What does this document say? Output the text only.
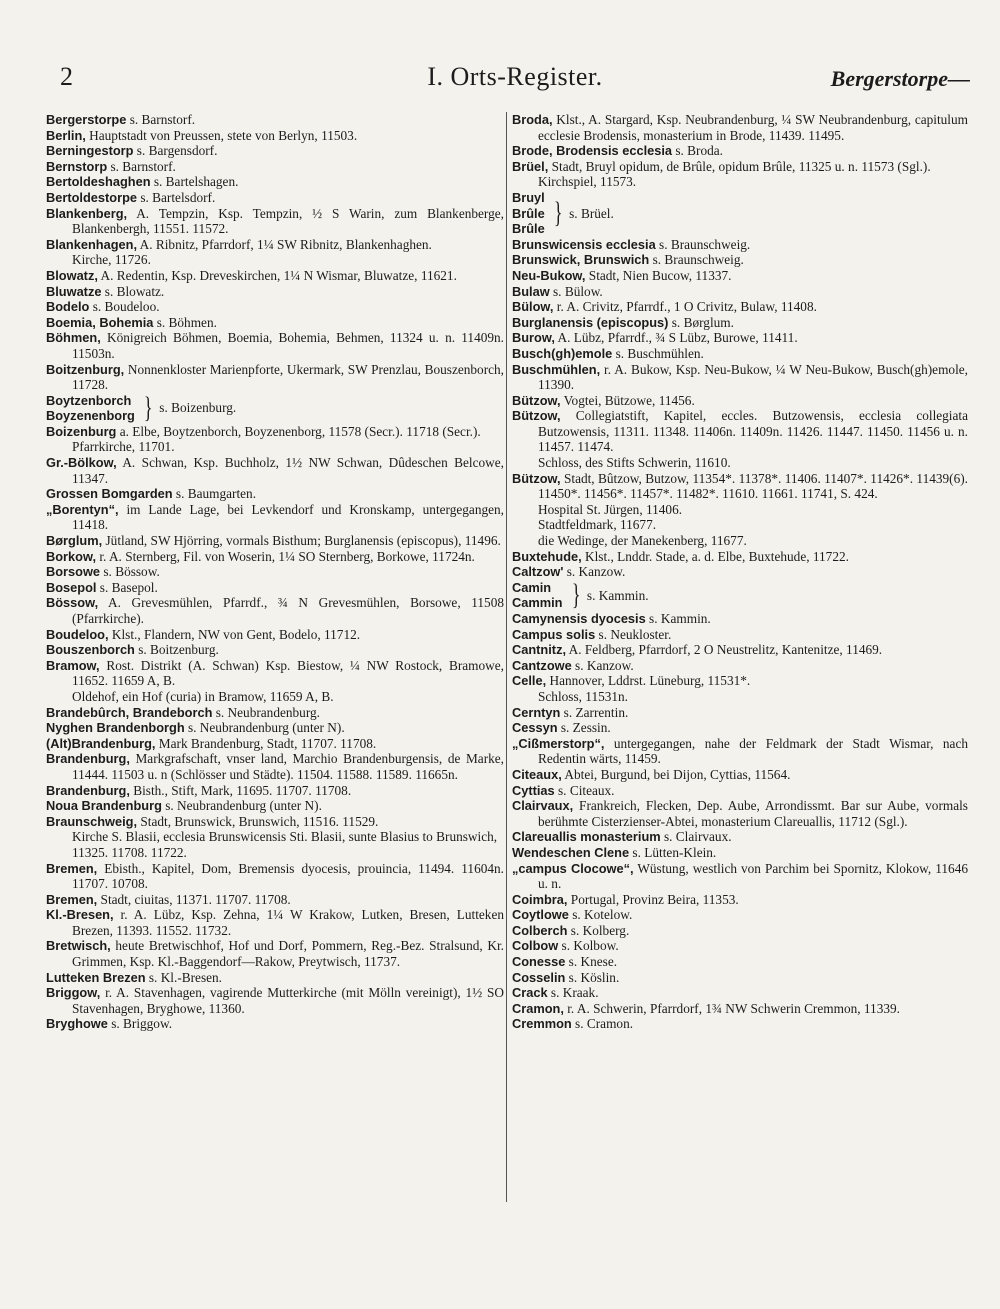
2	I. Orts-Register.	Bergerstorpe—

Bergerstorpe s. Barnstorf.

Berlin, Hauptstadt von Preussen, stete von Berlyn, 11503.

Berningestorp s. Bargensdorf.

Bernstorp s. Barnstorf.

Bertoldeshaghen s. Bartelshagen.

Bertoldestorpe s. Bartelsdorf.

Blankenberg, A. Tempzin, Ksp. Tempzin, ½ S Warin, zum Blankenberge, Blankenbergh, 11551. 11572.

Blankenhagen, A. Ribnitz, Pfarrdorf, 1¼ SW Ribnitz, Blankenhaghen.

Kirche, 11726.

Blowatz, A. Redentin, Ksp. Dreveskirchen, 1¼ N Wismar, Bluwatze, 11621.

Bluwatze s. Blowatz.

Bodelo s. Boudeloo.

Boemia, Bohemia s. Böhmen.

Böhmen, Königreich Böhmen, Boemia, Bohemia, Behmen, 11324 u. n. 11409n. 11503n.

Boitzenburg, Nonnenkloster Marienpforte, Ukermark, SW Prenzlau, Bouszenborch, 11728.

Boytzenborch
Boyzenenborg } s. Boizenburg.

Boizenburg a. Elbe, Boytzenborch, Boyzenenborg, 11578 (Secr.). 11718 (Secr.).

Pfarrkirche, 11701.

Gr.-Bölkow, A. Schwan, Ksp. Buchholz, 1½ NW Schwan, Dûdeschen Belcowe, 11347.

Grossen Bomgarden s. Baumgarten.

„Borentyn“, im Lande Lage, bei Levkendorf und Kronskamp, untergegangen, 11418.

Børglum, Jütland, SW Hjörring, vormals Bisthum; Burglanensis (episcopus), 11496.

Borkow, r. A. Sternberg, Fil. von Woserin, 1¼ SO Sternberg, Borkowe, 11724n.

Borsowe s. Bössow.

Bosepol s. Basepol.

Bössow, A. Grevesmühlen, Pfarrdf., ¾ N Grevesmühlen, Borsowe, 11508 (Pfarrkirche).

Boudeloo, Klst., Flandern, NW von Gent, Bodelo, 11712.

Bouszenborch s. Boitzenburg.

Bramow, Rost. Distrikt (A. Schwan) Ksp. Biestow, ¼ NW Rostock, Bramowe, 11652. 11659 A, B.

Oldehof, ein Hof (curia) in Bramow, 11659 A, B.

Brandebûrch, Brandeborch s. Neubrandenburg.

Nyghen Brandenborgh s. Neubrandenburg (unter N).

(Alt)Brandenburg, Mark Brandenburg, Stadt, 11707. 11708.

Brandenburg, Markgrafschaft, vnser land, Marchio Brandenburgensis, de Marke, 11444. 11503 u. n (Schlösser und Städte). 11504. 11588. 11589. 11665n.

Brandenburg, Bisth., Stift, Mark, 11695. 11707. 11708.

Noua Brandenburg s. Neubrandenburg (unter N).

Braunschweig, Stadt, Brunswick, Brunswich, 11516. 11529.

Kirche S. Blasii, ecclesia Brunswicensis Sti. Blasii, sunte Blasius to Brunswich, 11325. 11708. 11722.

Bremen, Ebisth., Kapitel, Dom, Bremensis dyocesis, prouincia, 11494. 11604n. 11707. 10708.

Bremen, Stadt, ciuitas, 11371. 11707. 11708.

Kl.-Bresen, r. A. Lübz, Ksp. Zehna, 1¼ W Krakow, Lutken, Bresen, Lutteken Brezen, 11393. 11552. 11732.

Bretwisch, heute Bretwischhof, Hof und Dorf, Pommern, Reg.-Bez. Stralsund, Kr. Grimmen, Ksp. Kl.-Baggendorf—Rakow, Preytwisch, 11737.

Lutteken Brezen s. Kl.-Bresen.

Briggow, r. A. Stavenhagen, vagirende Mutterkirche (mit Mölln vereinigt), 1½ SO Stavenhagen, Bryghowe, 11360.

Bryghowe s. Briggow.

Broda, Klst., A. Stargard, Ksp. Neubrandenburg, ¼ SW Neubrandenburg, capitulum ecclesie Brodensis, monasterium in Brode, 11439. 11495.

Brode, Brodensis ecclesia s. Broda.

Brüel, Stadt, Bruyl opidum, de Brûle, opidum Brûle, 11325 u. n. 11573 (Sgl.).

Kirchspiel, 11573.

Bruyl
Brûle
Brûle } s. Brüel.

Brunswicensis ecclesia s. Braunschweig.

Brunswick, Brunswich s. Braunschweig.

Neu-Bukow, Stadt, Nien Bucow, 11337.

Bulaw s. Bülow.

Bülow, r. A. Crivitz, Pfarrdf., 1 O Crivitz, Bulaw, 11408.

Burglanensis (episcopus) s. Børglum.

Burow, A. Lübz, Pfarrdf., ¾ S Lübz, Burowe, 11411.

Busch(gh)emole s. Buschmühlen.

Buschmühlen, r. A. Bukow, Ksp. Neu-Bukow, ¼ W Neu-Bukow, Busch(gh)emole, 11390.

Bützow, Vogtei, Bützowe, 11456.

Bützow, Collegiatstift, Kapitel, eccles. Butzowensis, ecclesia collegiata Butzowensis, 11311. 11348. 11406n. 11409n. 11426. 11447. 11450. 11456 u. n. 11457. 11474.

Schloss, des Stifts Schwerin, 11610.

Bützow, Stadt, Bûtzow, Butzow, 11354*. 11378*. 11406. 11407*. 11426*. 11439(6). 11450*. 11456*. 11457*. 11482*. 11610. 11661. 11741, S. 424.

Hospital St. Jürgen, 11406.

Stadtfeldmark, 11677.

die Wedinge, der Manekenberg, 11677.

Buxtehude, Klst., Lnddr. Stade, a. d. Elbe, Buxtehude, 11722.

Caltzow' s. Kanzow.

Camin
Cammin } s. Kammin.

Camynensis dyocesis s. Kammin.

Campus solis s. Neukloster.

Cantnitz, A. Feldberg, Pfarrdorf, 2 O Neustrelitz, Kantenitze, 11469.

Cantzowe s. Kanzow.

Celle, Hannover, Lddrst. Lüneburg, 11531*.

Schloss, 11531n.

Cerntyn s. Zarrentin.

Cessyn s. Zessin.

„Cißmerstorp“, untergegangen, nahe der Feldmark der Stadt Wismar, nach Redentin wärts, 11459.

Citeaux, Abtei, Burgund, bei Dijon, Cyttias, 11564.

Cyttias s. Citeaux.

Clairvaux, Frankreich, Flecken, Dep. Aube, Arrondissmt. Bar sur Aube, vormals berühmte Cisterzienser-Abtei, monasterium Clareuallis, 11712 (Sgl.).

Clareuallis monasterium s. Clairvaux.

Wendeschen Clene s. Lütten-Klein.

„campus Clocowe“, Wüstung, westlich von Parchim bei Spornitz, Klokow, 11646 u. n.

Coimbra, Portugal, Provinz Beira, 11353.

Coytlowe s. Kotelow.

Colberch s. Kolberg.

Colbow s. Kolbow.

Conesse s. Knese.

Cosselin s. Köslin.

Crack s. Kraak.

Cramon, r. A. Schwerin, Pfarrdorf, 1¾ NW Schwerin Cremmon, 11339.

Cremmon s. Cramon.
